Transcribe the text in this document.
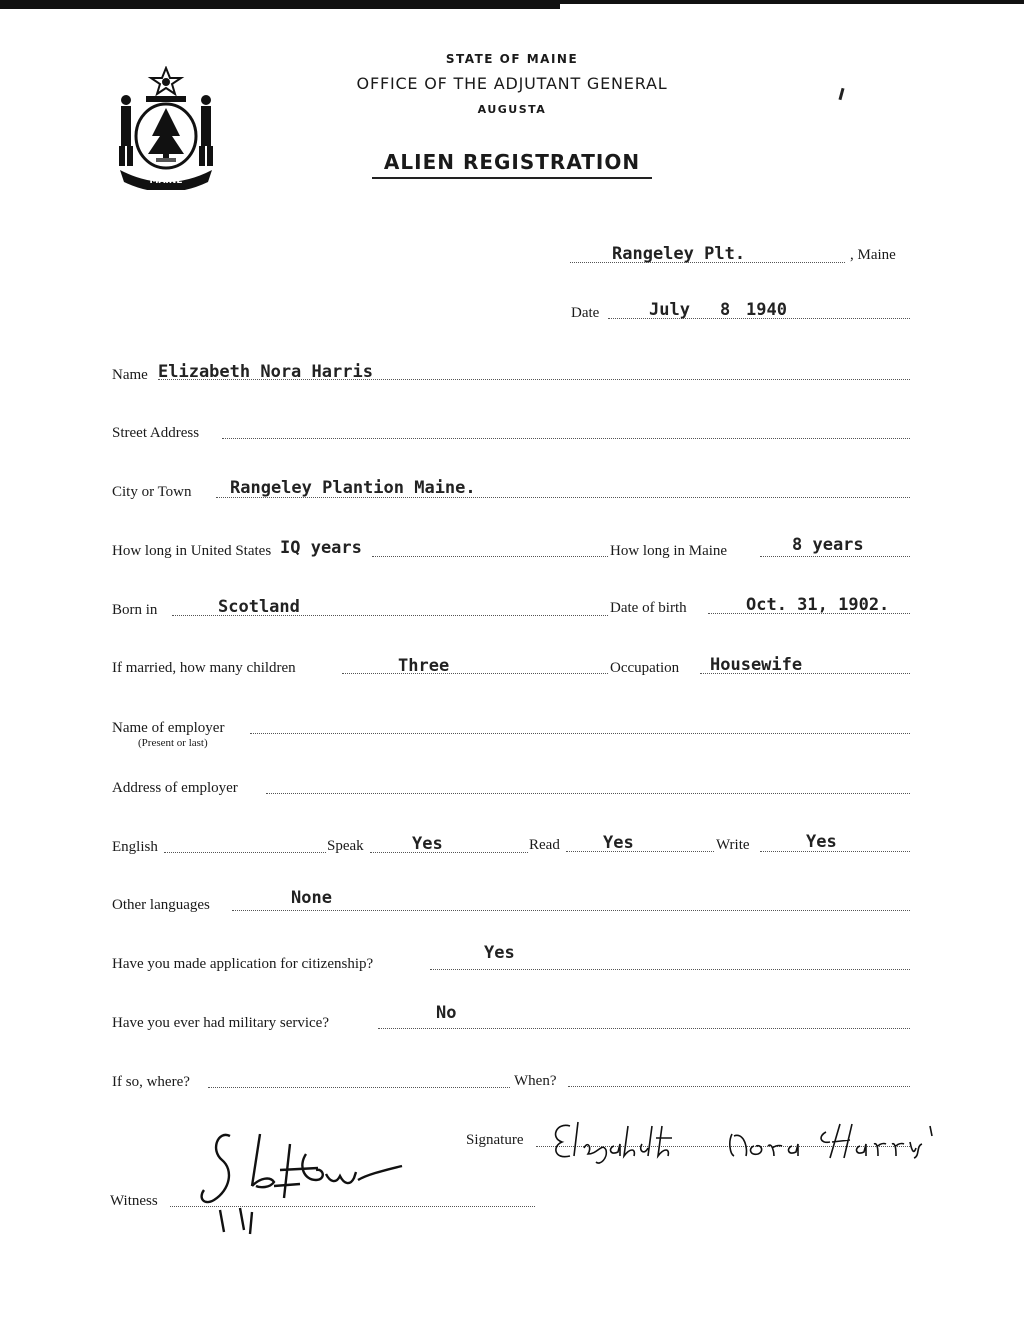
MAINE
STATE OF MAINE
OFFICE OF THE ADJUTANT GENERAL
AUGUSTA
ALIEN REGISTRATION
Rangeley Plt.	, Maine
Date	July 8 1940
Name Elizabeth Nora Harris
Street Address
City or Town Rangeley Plantion Maine.
How long in United States IQ years	How long in Maine	8 years
Born in	Scotland	Date of birth	Oct. 31, 1902.
If married, how many children	Three	Occupation Housewife
Name of employer
(Present or last)
Address of employer
English	Speak	Yes	Read	Yes	Write	Yes
Other languages	None
Have you made application for citizenship?
Yes
Have you ever had military service?	No
If so, where?	When?
Signature
Witness
